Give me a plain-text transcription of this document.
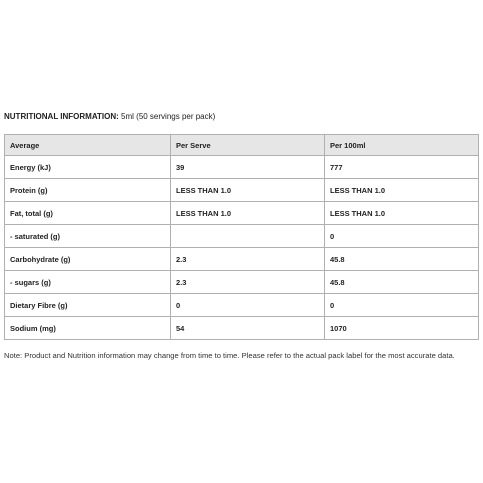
NUTRITIONAL INFORMATION: 5ml (50 servings per pack)
Average	Per Serve	Per 100ml
Energy (kJ)	39	777
Protein (g)	LESS THAN 1.0	LESS THAN 1.0
Fat, total (g)	LESS THAN 1.0	LESS THAN 1.0
- saturated (g)		0
Carbohydrate (g)	2.3	45.8
- sugars (g)	2.3	45.8
Dietary Fibre (g)	0	0
Sodium (mg)	54	1070
Note: Product and Nutrition information may change from time to time. Please refer to the actual pack label for the most accurate data.
